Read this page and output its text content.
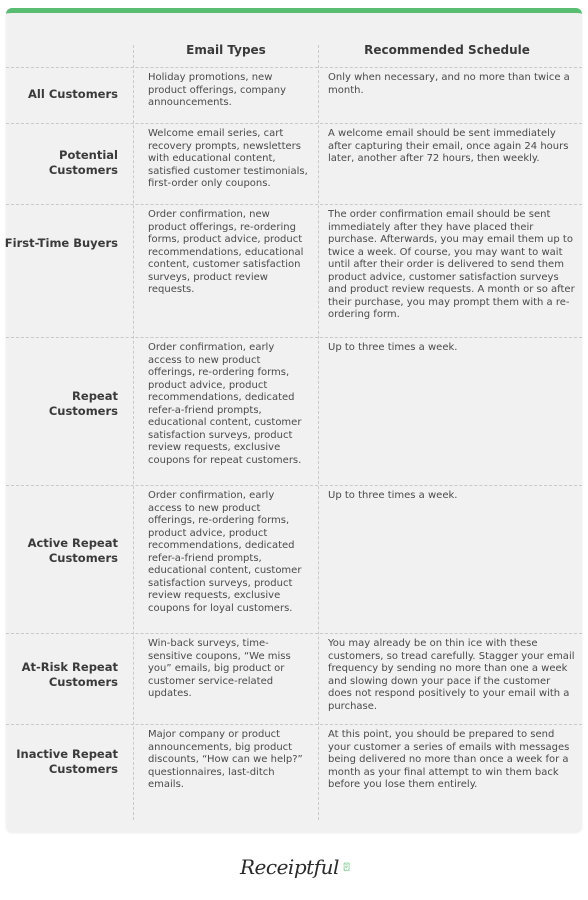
Email Types	Recommended Schedule
All Customers
Holiday promotions, new product offerings, company announcements.
Only when necessary, and no more than twice a month.
Potential Customers
Welcome email series, cart recovery prompts, newsletters with educational content, satisfied customer testimonials, first-order only coupons.
A welcome email should be sent immediately after capturing their email, once again 24 hours later, another after 72 hours, then weekly.
First-Time Buyers
Order confirmation, new product offerings, re-ordering forms, product advice, product recommendations, educational content, customer satisfaction surveys, product review requests.
The order confirmation email should be sent immediately after they have placed their purchase. Afterwards, you may email them up to twice a week. Of course, you may want to wait until after their order is delivered to send them product advice, customer satisfaction surveys and product review requests. A month or so after their purchase, you may prompt them with a re-ordering form.
Repeat Customers
Order confirmation, early access to new product offerings, re-ordering forms, product advice, product recommendations, dedicated refer-a-friend prompts, educational content, customer satisfaction surveys, product review requests, exclusive coupons for repeat customers.
Up to three times a week.
Active Repeat Customers
Order confirmation, early access to new product offerings, re-ordering forms, product advice, product recommendations, dedicated refer-a-friend prompts, educational content, customer satisfaction surveys, product review requests, exclusive coupons for loyal customers.
Up to three times a week.
At-Risk Repeat Customers
Win-back surveys, time-sensitive coupons, “We miss you” emails, big product or customer service-related updates.
You may already be on thin ice with these customers, so tread carefully. Stagger your email frequency by sending no more than one a week and slowing down your pace if the customer does not respond positively to your email with a purchase.
Inactive Repeat Customers
Major company or product announcements, big product discounts, “How can we help?” questionnaires, last-ditch emails.
At this point, you should be prepared to send your customer a series of emails with messages being delivered no more than once a week for a month as your final attempt to win them back before you lose them entirely.
Receiptful
